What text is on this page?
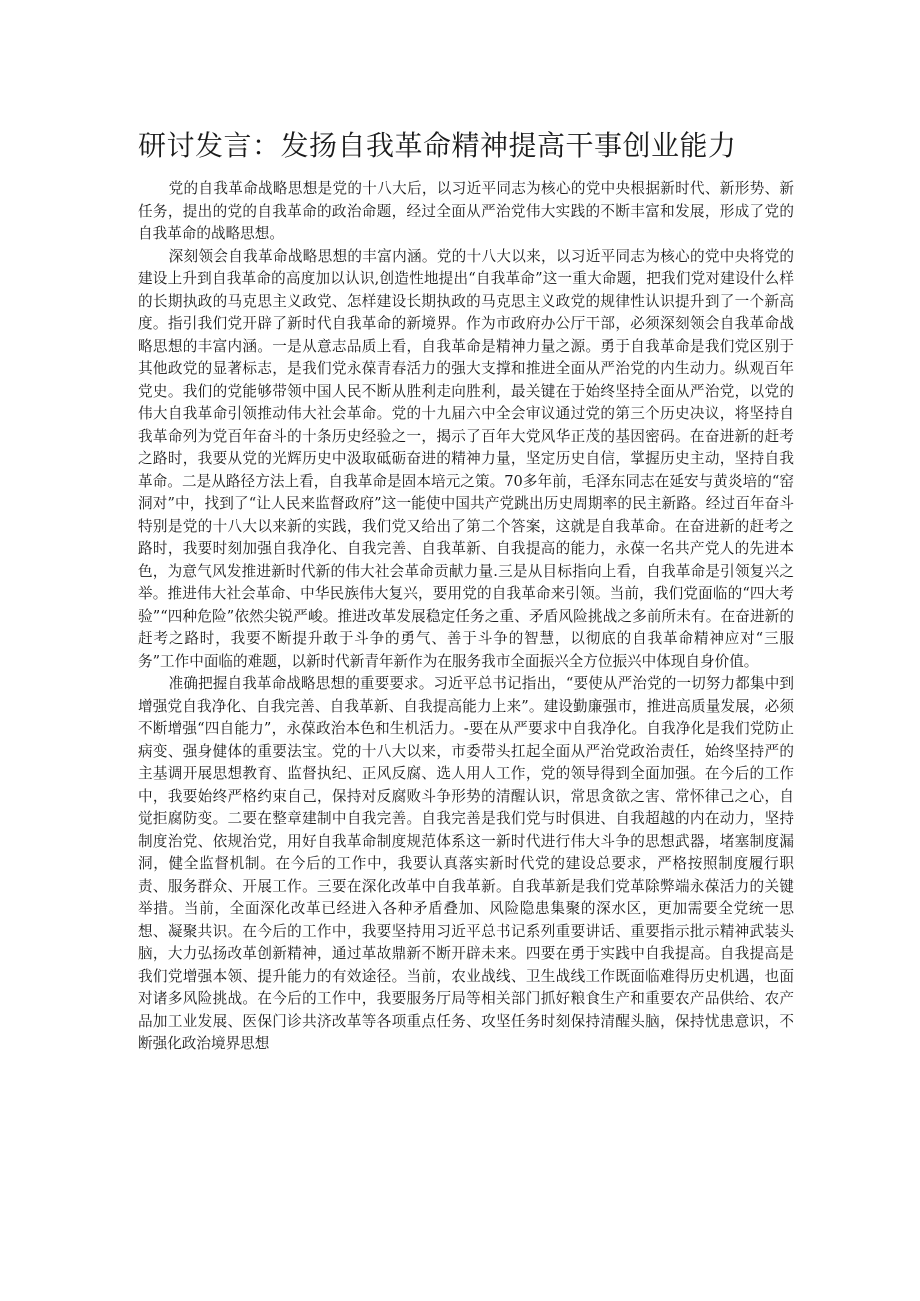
研讨发言：发扬自我革命精神提高干事创业能力

党的自我革命战略思想是党的十八大后，以习近平同志为核心的党中央根据新时代、新形势、新任务，提出的党的自我革命的政治命题，经过全面从严治党伟大实践的不断丰富和发展，形成了党的自我革命的战略思想。

深刻领会自我革命战略思想的丰富内涵。党的十八大以来，以习近平同志为核心的党中央将党的建设上升到自我革命的高度加以认识,创造性地提出“自我革命”这一重大命题，把我们党对建设什么样的长期执政的马克思主义政党、怎样建设长期执政的马克思主义政党的规律性认识提升到了一个新高度。指引我们党开辟了新时代自我革命的新境界。作为市政府办公厅干部，必须深刻领会自我革命战略思想的丰富内涵。一是从意志品质上看，自我革命是精神力量之源。勇于自我革命是我们党区别于其他政党的显著标志，是我们党永葆青春活力的强大支撑和推进全面从严治党的内生动力。纵观百年党史。我们的党能够带领中国人民不断从胜利走向胜利，最关键在于始终坚持全面从严治党，以党的伟大自我革命引领推动伟大社会革命。党的十九届六中全会审议通过党的第三个历史决议，将坚持自我革命列为党百年奋斗的十条历史经验之一，揭示了百年大党风华正茂的基因密码。在奋进新的赶考之路时，我要从党的光辉历史中汲取砥砺奋进的精神力量，坚定历史自信，掌握历史主动，坚持自我革命。二是从路径方法上看，自我革命是固本培元之策。70多年前，毛泽东同志在延安与黄炎培的“窑洞对”中，找到了“让人民来监督政府”这一能使中国共产党跳出历史周期率的民主新路。经过百年奋斗特别是党的十八大以来新的实践，我们党又给出了第二个答案，这就是自我革命。在奋进新的赶考之路时，我要时刻加强自我净化、自我完善、自我革新、自我提高的能力，永葆一名共产党人的先进本色，为意气风发推进新时代新的伟大社会革命贡献力量.三是从目标指向上看，自我革命是引领复兴之举。推进伟大社会革命、中华民族伟大复兴，要用党的自我革命来引领。当前，我们党面临的“四大考验”“四种危险”依然尖锐严峻。推进改革发展稳定任务之重、矛盾风险挑战之多前所未有。在奋进新的赶考之路时，我要不断提升敢于斗争的勇气、善于斗争的智慧，以彻底的自我革命精神应对“三服务”工作中面临的难题，以新时代新青年新作为在服务我市全面振兴全方位振兴中体现自身价值。

准确把握自我革命战略思想的重要要求。习近平总书记指出，“要使从严治党的一切努力都集中到增强党自我净化、自我完善、自我革新、自我提高能力上来”。建设勤廉强市，推进高质量发展，必须不断增强“四自能力”，永葆政治本色和生机活力。-要在从严要求中自我净化。自我净化是我们党防止病变、强身健体的重要法宝。党的十八大以来，市委带头扛起全面从严治党政治责任，始终坚持严的主基调开展思想教育、监督执纪、正风反腐、选人用人工作，党的领导得到全面加强。在今后的工作中，我要始终严格约束自己，保持对反腐败斗争形势的清醒认识，常思贪欲之害、常怀律己之心，自觉拒腐防变。二要在整章建制中自我完善。自我完善是我们党与时俱进、自我超越的内在动力，坚持制度治党、依规治党，用好自我革命制度规范体系这一新时代进行伟大斗争的思想武器，堵塞制度漏洞，健全监督机制。在今后的工作中，我要认真落实新时代党的建设总要求，严格按照制度履行职责、服务群众、开展工作。三要在深化改革中自我革新。自我革新是我们党革除弊端永葆活力的关键举措。当前，全面深化改革已经进入各种矛盾叠加、风险隐患集聚的深水区，更加需要全党统一思想、凝聚共识。在今后的工作中，我要坚持用习近平总书记系列重要讲话、重要指示批示精神武装头脑，大力弘扬改革创新精神，通过革故鼎新不断开辟未来。四要在勇于实践中自我提高。自我提高是我们党增强本领、提升能力的有效途径。当前，农业战线、卫生战线工作既面临难得历史机遇，也面对诸多风险挑战。在今后的工作中，我要服务厅局等相关部门抓好粮食生产和重要农产品供给、农产品加工业发展、医保门诊共济改革等各项重点任务、攻坚任务时刻保持清醒头脑，保持忧患意识，不断强化政治境界思想
